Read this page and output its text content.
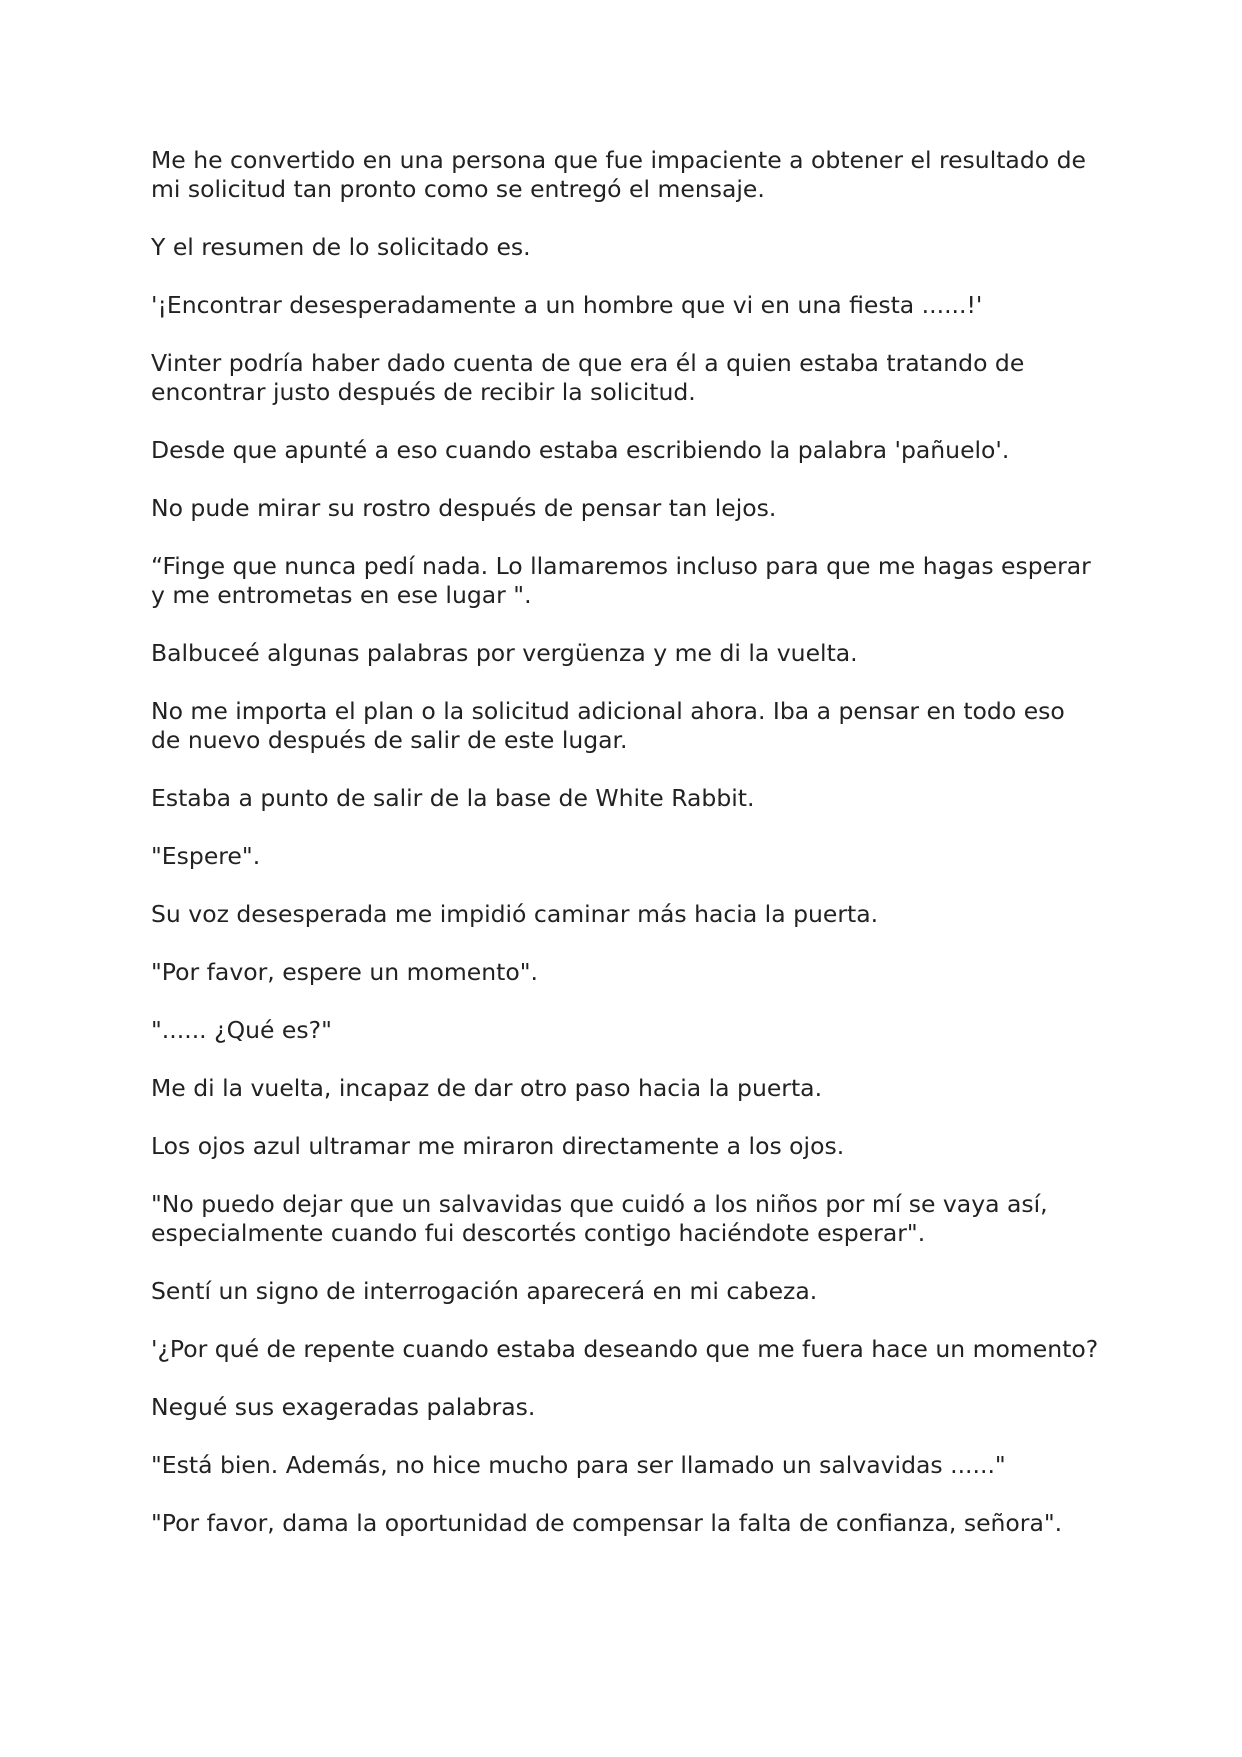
Me he convertido en una persona que fue impaciente a obtener el resultado de mi solicitud tan pronto como se entregó el mensaje.

Y el resumen de lo solicitado es.

'¡Encontrar desesperadamente a un hombre que vi en una fiesta ......!'

Vinter podría haber dado cuenta de que era él a quien estaba tratando de encontrar justo después de recibir la solicitud.

Desde que apunté a eso cuando estaba escribiendo la palabra 'pañuelo'.

No pude mirar su rostro después de pensar tan lejos.

“Finge que nunca pedí nada. Lo llamaremos incluso para que me hagas esperar y me entrometas en ese lugar ".

Balbuceé algunas palabras por vergüenza y me di la vuelta.

No me importa el plan o la solicitud adicional ahora. Iba a pensar en todo eso de nuevo después de salir de este lugar.

Estaba a punto de salir de la base de White Rabbit.

"Espere".

Su voz desesperada me impidió caminar más hacia la puerta.

"Por favor, espere un momento".

"...... ¿Qué es?"

Me di la vuelta, incapaz de dar otro paso hacia la puerta.

Los ojos azul ultramar me miraron directamente a los ojos.

"No puedo dejar que un salvavidas que cuidó a los niños por mí se vaya así, especialmente cuando fui descortés contigo haciéndote esperar".

Sentí un signo de interrogación aparecerá en mi cabeza.

'¿Por qué de repente cuando estaba deseando que me fuera hace un momento?

Negué sus exageradas palabras.

"Está bien. Además, no hice mucho para ser llamado un salvavidas ......"

"Por favor, dama la oportunidad de compensar la falta de confianza, señora".
